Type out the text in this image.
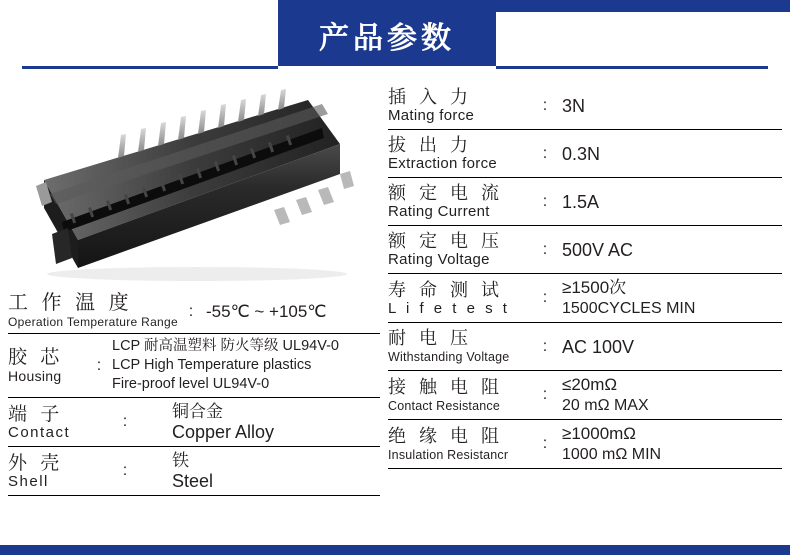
产品参数
工 作 温 度
Operation Temperature Range
: -55℃ ~ +105℃
胶 芯
Housing
:
LCP 耐高温塑料 防火等级 UL94V-0
LCP High Temperature plastics
Fire-proof level UL94V-0
端 子
Contact
:
铜合金
Copper Alloy
外 壳
Shell
:
铁
Steel
插 入 力
Mating force
: 3N
拔 出 力
Extraction force
: 0.3N
额 定 电 流
Rating Current
: 1.5A
额 定 电 压
Rating Voltage
: 500V AC
寿 命 测 试
L i f e t e s t
:
≥1500次
1500CYCLES MIN
耐 电 压
Withstanding Voltage
: AC 100V
接 触 电 阻
Contact Resistance
:
≤20mΩ
20 mΩ MAX
绝 缘 电 阻
Insulation Resistancr
:
≥1000mΩ
1000 mΩ MIN
